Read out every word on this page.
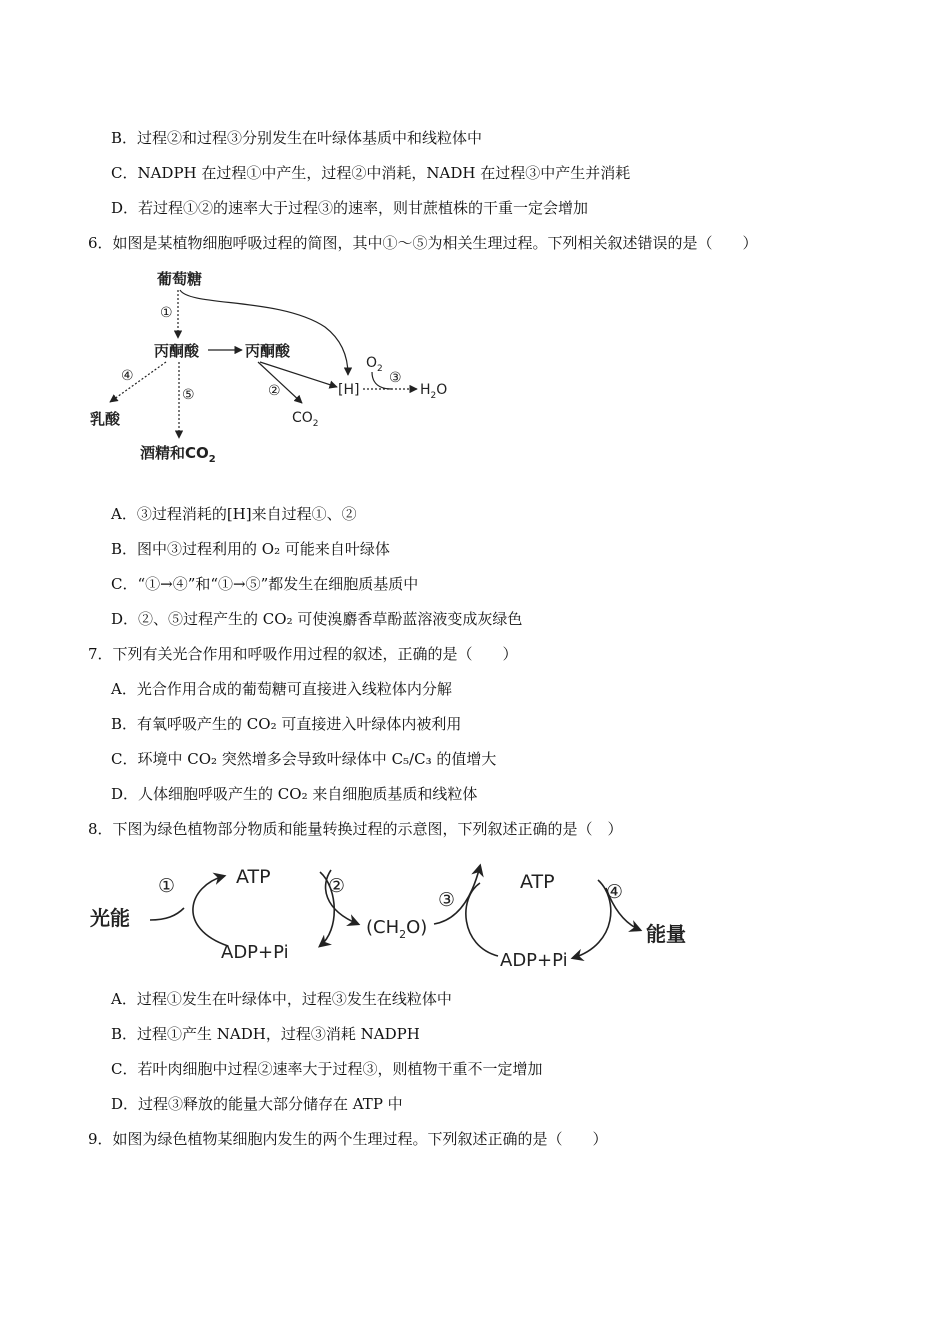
B．过程②和过程③分别发生在叶绿体基质中和线粒体中
C．NADPH 在过程①中产生，过程②中消耗，NADH 在过程③中产生并消耗
D．若过程①②的速率大于过程③的速率，则甘蔗植株的干重一定会增加
6．如图是某植物细胞呼吸过程的简图，其中①～⑤为相关生理过程。下列相关叙述错误的是（　　）
葡萄糖
①
丙酮酸	丙酮酸
④
乳酸
⑤
酒精和$CO_2$
②
$CO_2$
[H]
$O_2$
③
$H_2O$
A．③过程消耗的[H]来自过程①、②
B．图中③过程利用的 O₂ 可能来自叶绿体
C．“①→④”和“①→⑤”都发生在细胞质基质中
D．②、⑤过程产生的 CO₂ 可使溴麝香草酚蓝溶液变成灰绿色
7．下列有关光合作用和呼吸作用过程的叙述，正确的是（　　）
A．光合作用合成的葡萄糖可直接进入线粒体内分解
B．有氧呼吸产生的 CO₂ 可直接进入叶绿体内被利用
C．环境中 CO₂ 突然增多会导致叶绿体中 C₅/C₃ 的值增大
D．人体细胞呼吸产生的 CO₂ 来自细胞质基质和线粒体
8．下图为绿色植物部分物质和能量转换过程的示意图，下列叙述正确的是（　）
光能
①	ATP
ADP+Pi
②
$(CH_2O)$
③
ATP
ADP+Pi
④
能量
A．过程①发生在叶绿体中，过程③发生在线粒体中
B．过程①产生 NADH，过程③消耗 NADPH
C．若叶肉细胞中过程②速率大于过程③，则植物干重不一定增加
D．过程③释放的能量大部分储存在 ATP 中
9．如图为绿色植物某细胞内发生的两个生理过程。下列叙述正确的是（　　）
